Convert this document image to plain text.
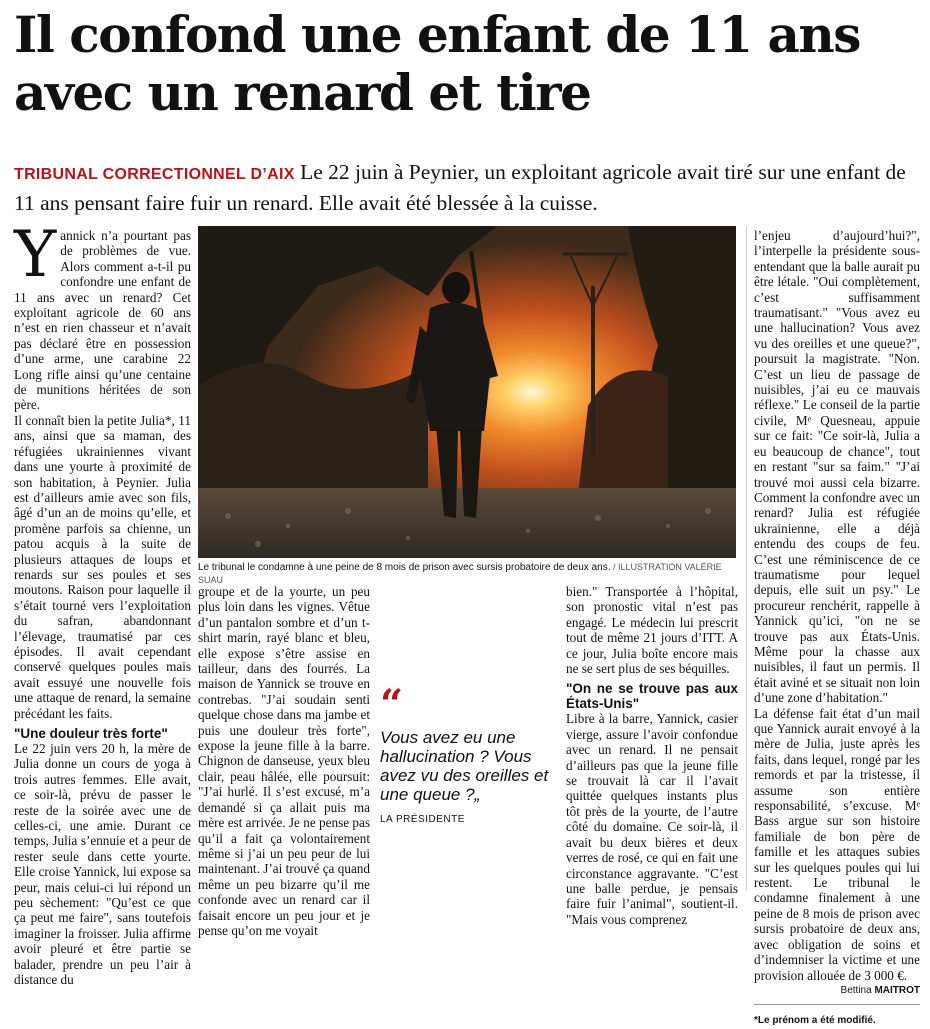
Il confond une enfant de 11 ans avec un renard et tire
TRIBUNAL CORRECTIONNEL D’AIX Le 22 juin à Peynier, un exploitant agricole avait tiré sur une enfant de 11 ans pensant faire fuir un renard. Elle avait été blessée à la cuisse.

Yannick n’a pourtant pas de problèmes de vue. Alors comment a-t-il pu confondre une enfant de 11 ans avec un renard? Cet exploitant agricole de 60 ans n’est en rien chasseur et n’avait pas déclaré être en possession d’une arme, une carabine 22 Long rifle ainsi qu’une centaine de munitions héritées de son père.

Il connaît bien la petite Julia*, 11 ans, ainsi que sa maman, des réfugiées ukrainiennes vivant dans une yourte à proximité de son habitation, à Peynier. Julia est d’ailleurs amie avec son fils, âgé d’un an de moins qu’elle, et promène parfois sa chienne, un patou acquis à la suite de plusieurs attaques de loups et renards sur ses poules et ses moutons. Raison pour laquelle il s’était tourné vers l’exploitation du safran, abandonnant l’élevage, traumatisé par ces épisodes. Il avait cependant conservé quelques poules mais avait essuyé une nouvelle fois une attaque de renard, la semaine précédant les faits.

"Une douleur très forte"

Le 22 juin vers 20 h, la mère de Julia donne un cours de yoga à trois autres femmes. Elle avait, ce soir-là, prévu de passer le reste de la soirée avec une de celles-ci, une amie. Durant ce temps, Julia s’ennuie et a peur de rester seule dans cette yourte. Elle croise Yannick, lui expose sa peur, mais celui-ci lui répond un peu sèchement: "Qu’est ce que ça peut me faire", sans toutefois imaginer la froisser. Julia affirme avoir pleuré et être partie se balader, prendre un peu l’air à distance du

Le tribunal le condamne à une peine de 8 mois de prison avec sursis probatoire de deux ans. / ILLUSTRATION VALÉRIE SUAU

groupe et de la yourte, un peu plus loin dans les vignes. Vêtue d’un pantalon sombre et d’un t-shirt marin, rayé blanc et bleu, elle expose s’être assise en tailleur, dans des fourrés. La maison de Yannick se trouve en contrebas. "J’ai soudain senti quelque chose dans ma jambe et puis une douleur très forte", expose la jeune fille à la barre. Chignon de danseuse, yeux bleu clair, peau hâlée, elle poursuit: "J’ai hurlé. Il s’est excusé, m’a demandé si ça allait puis ma mère est arrivée. Je ne pense pas qu’il a fait ça volontairement même si j’ai un peu peur de lui maintenant. J’ai trouvé ça quand même un peu bizarre qu’il me confonde avec un renard car il faisait encore un peu jour et je pense qu’on me voyait

“
Vous avez eu une hallucination ? Vous avez vu des oreilles et une queue ?„
LA PRÉSIDENTE

bien." Transportée à l’hôpital, son pronostic vital n’est pas engagé. Le médecin lui prescrit tout de même 21 jours d’ITT. A ce jour, Julia boîte encore mais ne se sert plus de ses béquilles.

"On ne se trouve pas aux États-Unis"

Libre à la barre, Yannick, casier vierge, assure l’avoir confondue avec un renard. Il ne pensait d’ailleurs pas que la jeune fille se trouvait là car il l’avait quittée quelques instants plus tôt près de la yourte, de l’autre côté du domaine. Ce soir-là, il avait bu deux bières et deux verres de rosé, ce qui en fait une circonstance aggravante. "C’est une balle perdue, je pensais faire fuir l’animal", soutient-il. "Mais vous comprenez

l’enjeu d’aujourd’hui?", l’interpelle la présidente sous-entendant que la balle aurait pu être létale. "Oui complètement, c’est suffisamment traumatisant." "Vous avez eu une hallucination? Vous avez vu des oreilles et une queue?", poursuit la magistrate. "Non. C’est un lieu de passage de nuisibles, j’ai eu ce mauvais réflexe." Le conseil de la partie civile, Mᵉ Quesneau, appuie sur ce fait: "Ce soir-là, Julia a eu beaucoup de chance", tout en restant "sur sa faim." "J’ai trouvé moi aussi cela bizarre. Comment la confondre avec un renard? Julia est réfugiée ukrainienne, elle a déjà entendu des coups de feu. C’est une réminiscence de ce traumatisme pour lequel depuis, elle suit un psy." Le procureur renchérit, rappelle à Yannick qu’ici, "on ne se trouve pas aux États-Unis. Même pour la chasse aux nuisibles, il faut un permis. Il était aviné et se situait non loin d’une zone d’habitation."

La défense fait état d’un mail que Yannick aurait envoyé à la mère de Julia, juste après les faits, dans lequel, rongé par les remords et par la tristesse, il assume son entière responsabilité, s’excuse. Mᵉ Bass argue sur son histoire familiale de bon père de famille et les attaques subies sur les quelques poules qui lui restent. Le tribunal le condamne finalement à une peine de 8 mois de prison avec sursis probatoire de deux ans, avec obligation de soins et d’indemniser la victime et une provision allouée de 3 000 €.

Bettina MAITROT
*Le prénom a été modifié.
